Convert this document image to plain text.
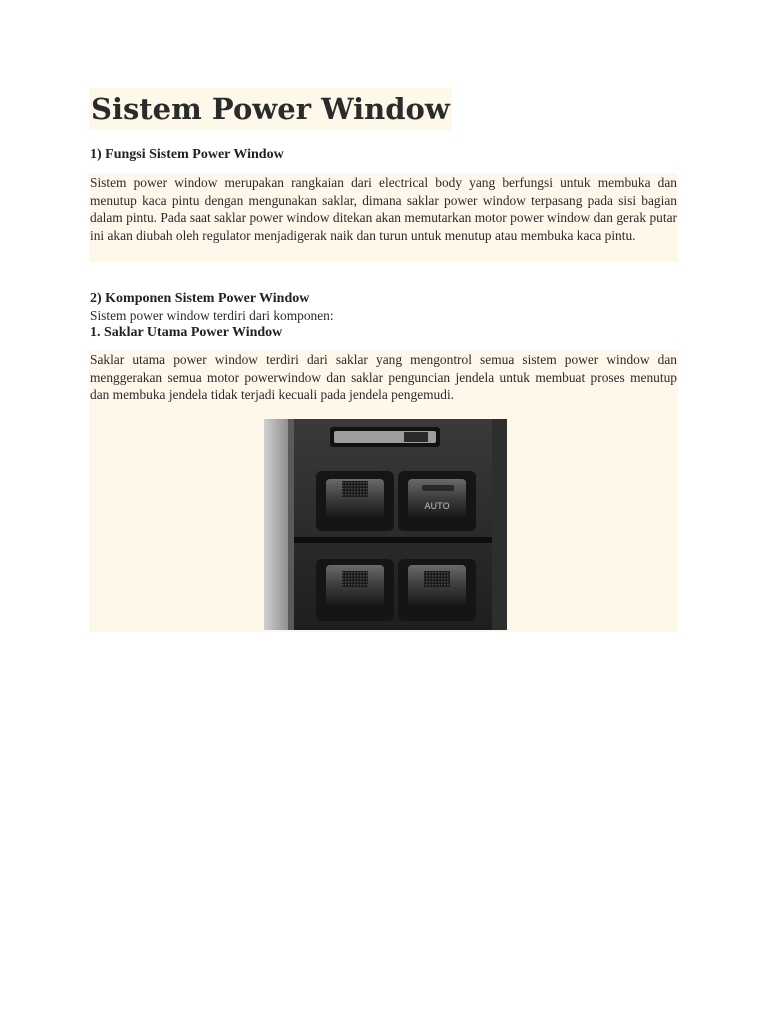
Sistem Power Window
1) Fungsi Sistem Power Window

Sistem power window merupakan rangkaian dari electrical body yang berfungsi untuk membuka dan menutup kaca pintu dengan mengunakan saklar, dimana saklar power window terpasang pada sisi bagian dalam pintu. Pada saat saklar power window ditekan akan memutarkan motor power window dan gerak putar ini akan diubah oleh regulator menjadigerak naik dan turun untuk menutup atau membuka kaca pintu.

2) Komponen Sistem Power Window
Sistem power window terdiri dari komponen:
1. Saklar Utama Power Window

Saklar utama power window terdiri dari saklar yang mengontrol semua sistem power window dan menggerakan semua motor powerwindow dan saklar penguncian jendela untuk membuat proses menutup dan membuka jendela tidak terjadi kecuali pada jendela pengemudi.

AUTO
